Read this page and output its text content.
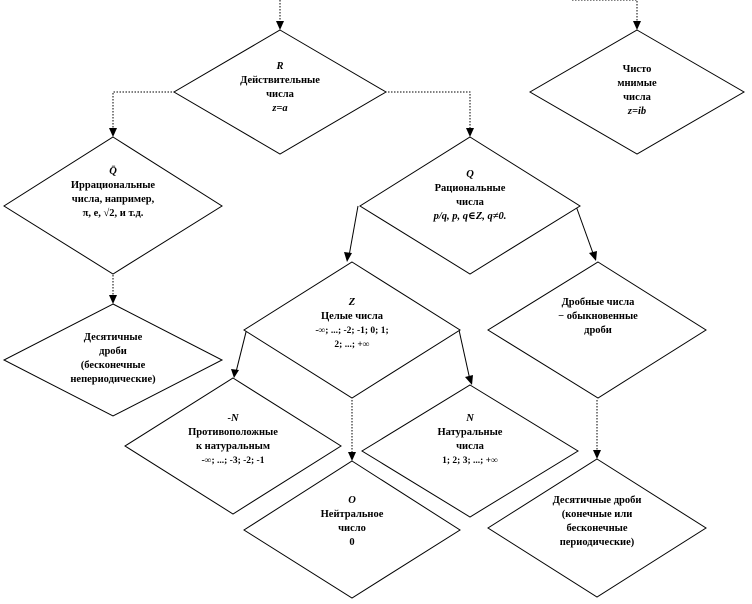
R
Действительные
числа
z=a
Чисто
мнимые
числа
z=ib
Q̄
Иррациональные
числа, например,
π, e, √2, и т.д.
Q
Рациональные
числа
p/q, p, q∈Z, q≠0.
Десятичные
дроби
(бесконечные
непериодические)
Z
Целые числа
-∞; ...; -2; -1; 0; 1;
2; ...; +∞
Дробные числа
− обыкновенные
дроби
-N
Противоположные
к натуральным
-∞; ...; -3; -2; -1
N
Натуральные
числа
1; 2; 3; ...; +∞
O
Нейтральное
число
0
Десятичные дроби
(конечные или
бесконечные
периодические)
